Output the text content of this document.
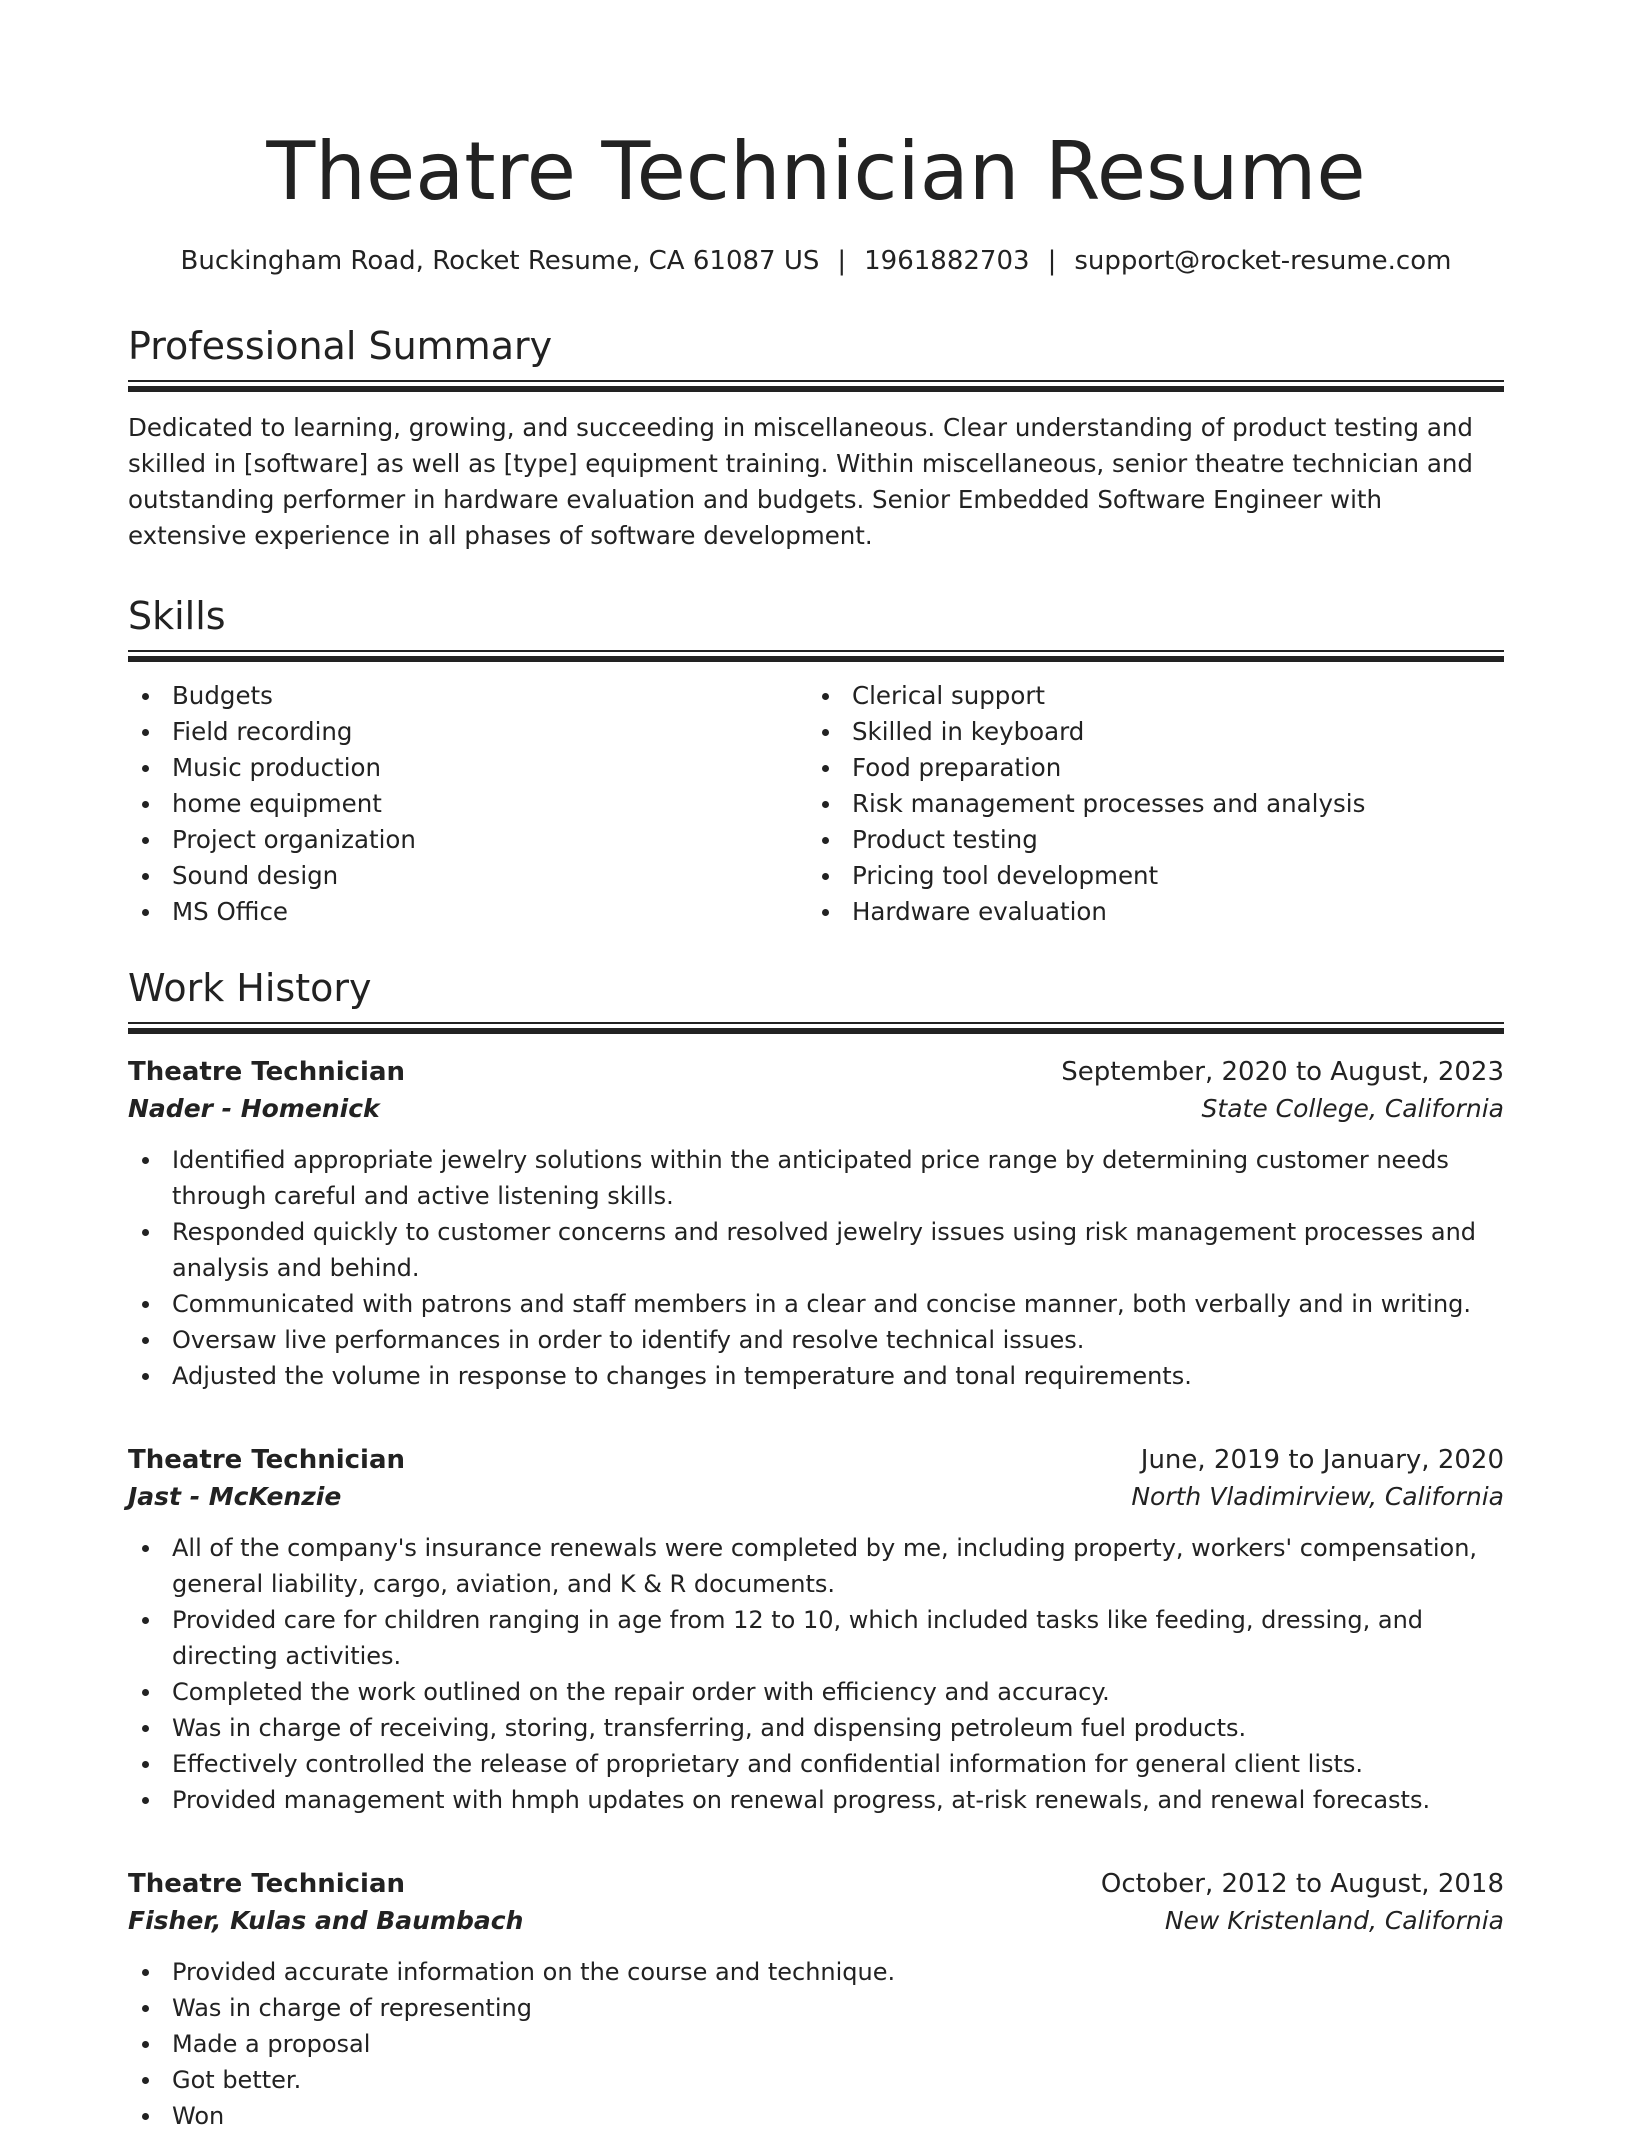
Theatre Technician Resume
Buckingham Road, Rocket Resume, CA 61087 US | 1961882703 | support@rocket-resume.com
Professional Summary

Dedicated to learning, growing, and succeeding in miscellaneous. Clear understanding of product testing and skilled in [software] as well as [type] equipment training. Within miscellaneous, senior theatre technician and outstanding performer in hardware evaluation and budgets. Senior Embedded Software Engineer with extensive experience in all phases of software development.

Skills
Budgets
Field recording
Music production
home equipment
Project organization
Sound design
MS Office
Clerical support
Skilled in keyboard
Food preparation
Risk management processes and analysis
Product testing
Pricing tool development
Hardware evaluation
Work History
Theatre Technician	September, 2020 to August, 2023
Nader - Homenick	State College, California
Identified appropriate jewelry solutions within the anticipated price range by determining customer needs through careful and active listening skills.
Responded quickly to customer concerns and resolved jewelry issues using risk management processes and analysis and behind.
Communicated with patrons and staff members in a clear and concise manner, both verbally and in writing.
Oversaw live performances in order to identify and resolve technical issues.
Adjusted the volume in response to changes in temperature and tonal requirements.
Theatre Technician	June, 2019 to January, 2020
Jast - McKenzie	North Vladimirview, California
All of the company's insurance renewals were completed by me, including property, workers' compensation, general liability, cargo, aviation, and K & R documents.
Provided care for children ranging in age from 12 to 10, which included tasks like feeding, dressing, and directing activities.
Completed the work outlined on the repair order with efficiency and accuracy.
Was in charge of receiving, storing, transferring, and dispensing petroleum fuel products.
Effectively controlled the release of proprietary and confidential information for general client lists.
Provided management with hmph updates on renewal progress, at-risk renewals, and renewal forecasts.
Theatre Technician	October, 2012 to August, 2018
Fisher, Kulas and Baumbach	New Kristenland, California
Provided accurate information on the course and technique.
Was in charge of representing
Made a proposal
Got better.
Won
